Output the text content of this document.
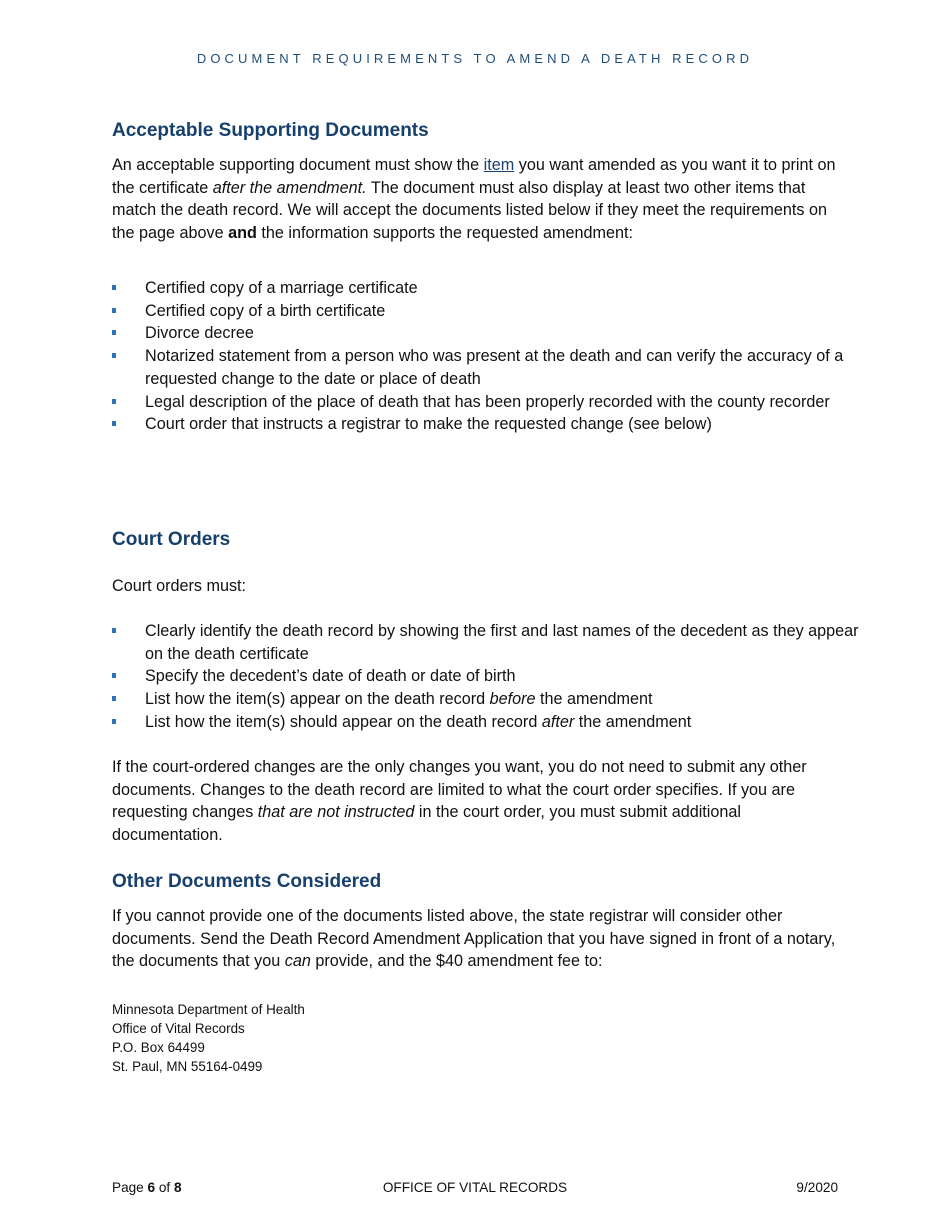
DOCUMENT REQUIREMENTS TO AMEND A DEATH RECORD
Acceptable Supporting Documents

An acceptable supporting document must show the item you want amended as you want it to print on the certificate after the amendment. The document must also display at least two other items that match the death record. We will accept the documents listed below if they meet the requirements on the page above and the information supports the requested amendment:

Certified copy of a marriage certificate
Certified copy of a birth certificate
Divorce decree
Notarized statement from a person who was present at the death and can verify the accuracy of a requested change to the date or place of death
Legal description of the place of death that has been properly recorded with the county recorder
Court order that instructs a registrar to make the requested change (see below)
Court Orders

Court orders must:

Clearly identify the death record by showing the first and last names of the decedent as they appear on the death certificate
Specify the decedent’s date of death or date of birth
List how the item(s) appear on the death record before the amendment
List how the item(s) should appear on the death record after the amendment

If the court-ordered changes are the only changes you want, you do not need to submit any other documents. Changes to the death record are limited to what the court order specifies. If you are requesting changes that are not instructed in the court order, you must submit additional documentation.

Other Documents Considered

If you cannot provide one of the documents listed above, the state registrar will consider other documents. Send the Death Record Amendment Application that you have signed in front of a notary, the documents that you can provide, and the $40 amendment fee to:

Minnesota Department of Health
Office of Vital Records
P.O. Box 64499
St. Paul, MN 55164-0499
Page 6 of 8	OFFICE OF VITAL RECORDS	9/2020
